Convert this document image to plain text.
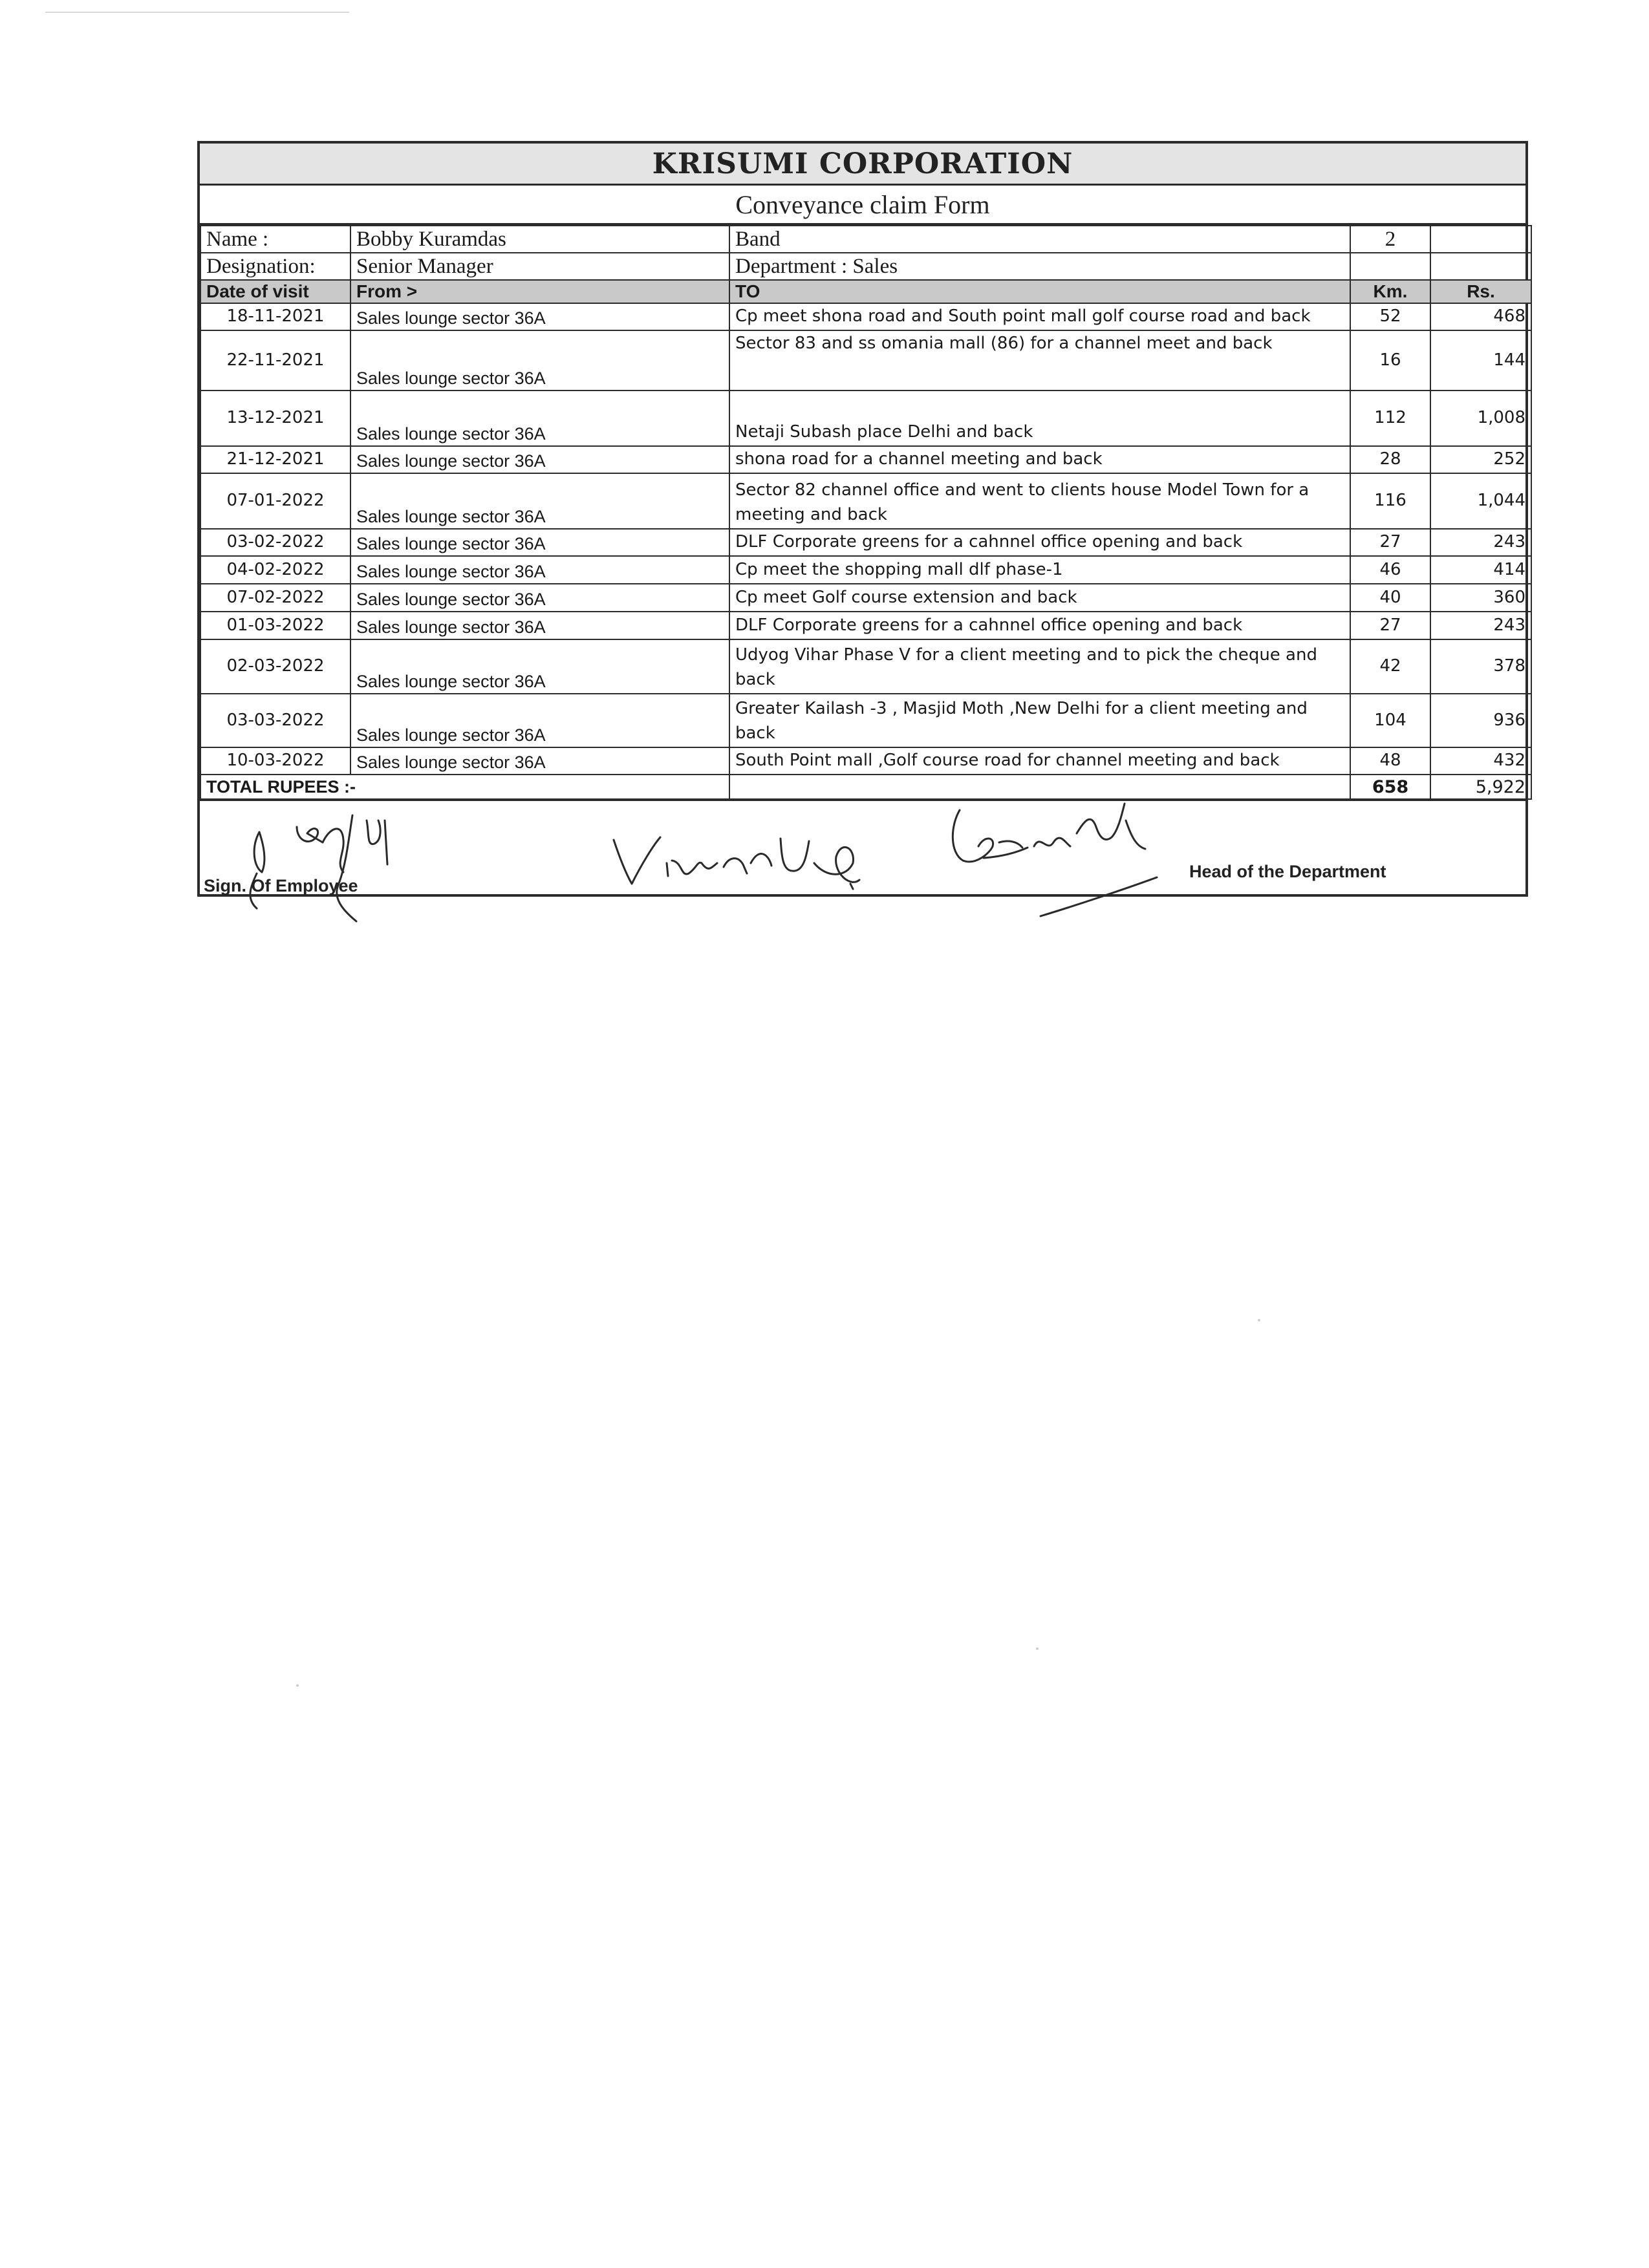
KRISUMI CORPORATION
Conveyance claim Form
Name :	Bobby Kuramdas	Band	2	
Designation:	Senior Manager	Department : Sales		
Date of visit	From >	TO	Km.	Rs.
18-11-2021	Sales lounge sector 36A	Cp meet shona road and South point mall golf course road and back	52	468
22-11-2021	Sales lounge sector 36A	Sector 83 and ss omania mall (86) for a channel meet and back	16	144
13-12-2021	Sales lounge sector 36A	Netaji Subash place Delhi and back	112	1,008
21-12-2021	Sales lounge sector 36A	shona road for a channel meeting and back	28	252
07-01-2022	Sales lounge sector 36A	Sector 82 channel office and went to clients house Model Town for a meeting and back	116	1,044
03-02-2022	Sales lounge sector 36A	DLF Corporate greens for a cahnnel office opening and back	27	243
04-02-2022	Sales lounge sector 36A	Cp meet the shopping mall dlf phase-1	46	414
07-02-2022	Sales lounge sector 36A	Cp meet Golf course extension and back	40	360
01-03-2022	Sales lounge sector 36A	DLF Corporate greens for a cahnnel office opening and back	27	243
02-03-2022	Sales lounge sector 36A	Udyog Vihar Phase V for a client meeting and to pick the cheque and back	42	378
03-03-2022	Sales lounge sector 36A	Greater Kailash -3 , Masjid Moth ,New Delhi for a client meeting and back	104	936
10-03-2022	Sales lounge sector 36A	South Point mall ,Golf course road for channel meeting and back	48	432
TOTAL RUPEES :-			658	5,922
Sign. Of Employee
Head of the Department
